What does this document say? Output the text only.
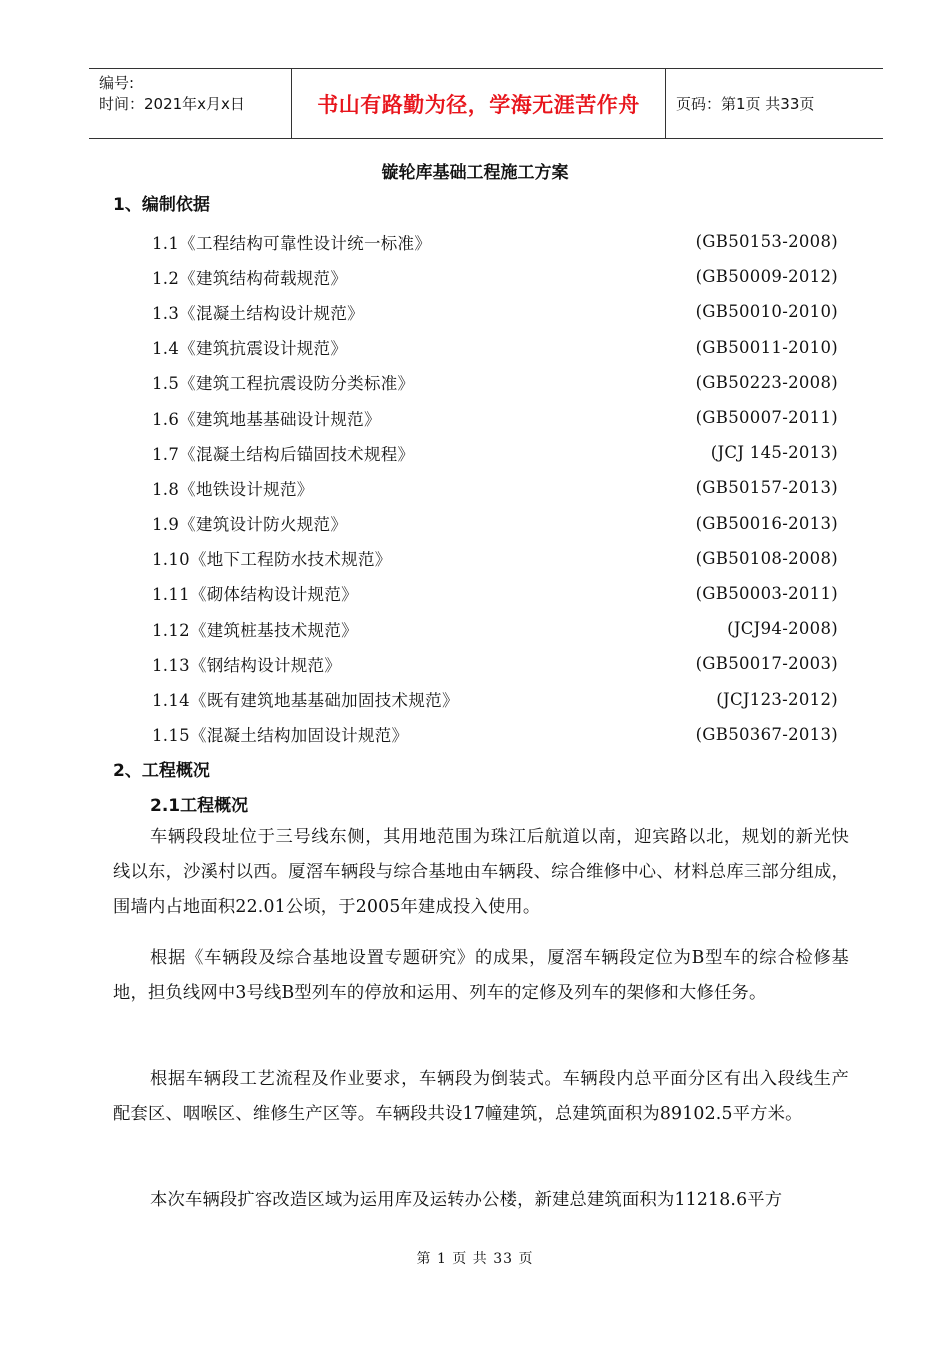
编号:
时间：2021年x月x日	书山有路勤为径，学海无涯苦作舟	页码：第1页 共33页
镟轮库基础工程施工方案
1、编制依据
1.1《工程结构可靠性设计统一标准》	(GB50153-2008)
1.2《建筑结构荷载规范》	(GB50009-2012)
1.3《混凝土结构设计规范》	(GB50010-2010)
1.4《建筑抗震设计规范》	(GB50011-2010)
1.5《建筑工程抗震设防分类标准》	(GB50223-2008)
1.6《建筑地基基础设计规范》	(GB50007-2011)
1.7《混凝土结构后锚固技术规程》	(JCJ 145-2013)
1.8《地铁设计规范》	(GB50157-2013)
1.9《建筑设计防火规范》	(GB50016-2013)
1.10《地下工程防水技术规范》	(GB50108-2008)
1.11《砌体结构设计规范》	(GB50003-2011)
1.12《建筑桩基技术规范》	(JCJ94-2008)
1.13《钢结构设计规范》	(GB50017-2003)
1.14《既有建筑地基基础加固技术规范》	(JCJ123-2012)
1.15《混凝土结构加固设计规范》	(GB50367-2013)
2、工程概况
2.1工程概况
车辆段段址位于三号线东侧，其用地范围为珠江后航道以南，迎宾路以北，规划的新光快线以东，沙溪村以西。厦滘车辆段与综合基地由车辆段、综合维修中心、材料总库三部分组成，围墙内占地面积22.01公顷，于2005年建成投入使用。
根据《车辆段及综合基地设置专题研究》的成果，厦滘车辆段定位为B型车的综合检修基地，担负线网中3号线B型列车的停放和运用、列车的定修及列车的架修和大修任务。
根据车辆段工艺流程及作业要求，车辆段为倒装式。车辆段内总平面分区有出入段线生产配套区、咽喉区、维修生产区等。车辆段共设17幢建筑，总建筑面积为89102.5平方米。
本次车辆段扩容改造区域为运用库及运转办公楼，新建总建筑面积为11218.6平方
第 1 页 共 33 页
